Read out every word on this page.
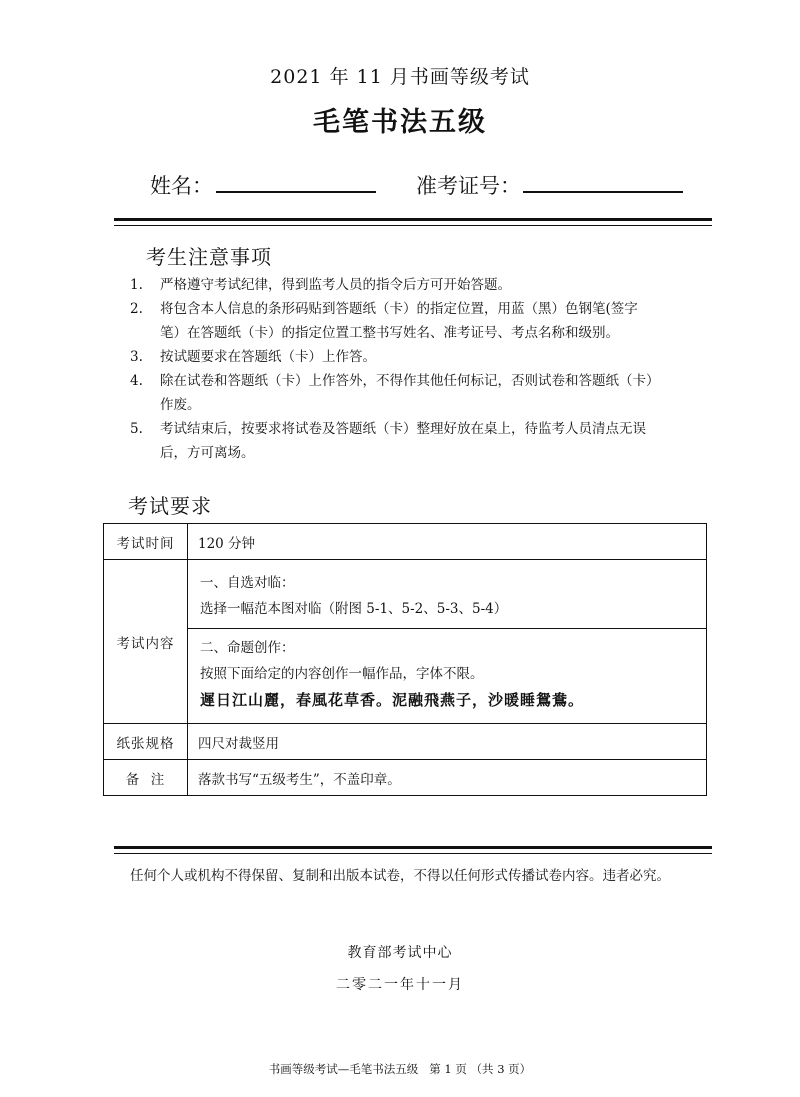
2021 年 11 月书画等级考试
毛笔书法五级
姓名：	准考证号：
考生注意事项
1. 严格遵守考试纪律，得到监考人员的指令后方可开始答题。
2. 将包含本人信息的条形码贴到答题纸（卡）的指定位置，用蓝（黑）色钢笔(签字
笔）在答题纸（卡）的指定位置工整书写姓名、准考证号、考点名称和级别。
3. 按试题要求在答题纸（卡）上作答。
4. 除在试卷和答题纸（卡）上作答外，不得作其他任何标记，否则试卷和答题纸（卡）
作废。
5. 考试结束后，按要求将试卷及答题纸（卡）整理好放在桌上，待监考人员清点无误
后，方可离场。
考试要求
考试时间	120 分钟
考试内容	一、自选对临：
选择一幅范本图对临（附图 5-1、5-2、5-3、5-4）
二、命题创作：
按照下面给定的内容创作一幅作品，字体不限。
遲日江山麗，春風花草香。泥融飛燕子，沙暖睡鴛鴦。

纸张规格	四尺对裁竖用
备  注	落款书写“五级考生”，不盖印章。
任何个人或机构不得保留、复制和出版本试卷，不得以任何形式传播试卷内容。违者必究。
教育部考试中心
二零二一年十一月
书画等级考试—毛笔书法五级   第 1 页 （共 3 页）
